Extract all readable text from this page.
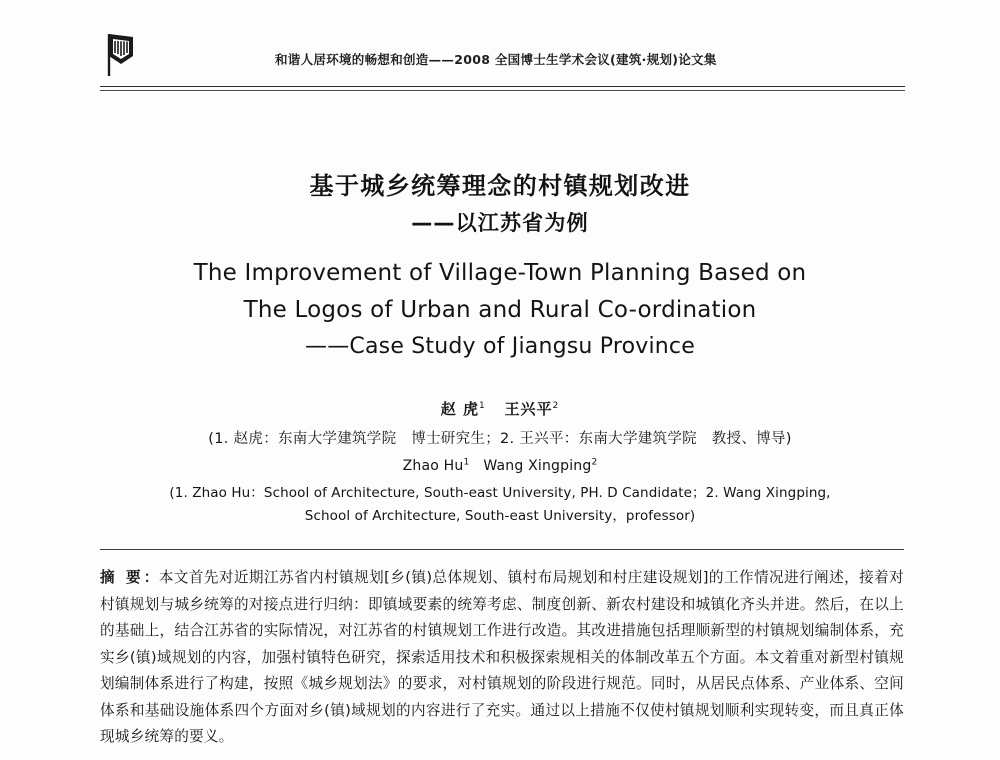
和谐人居环境的畅想和创造——2008 全国博士生学术会议(建筑·规划)论文集
基于城乡统筹理念的村镇规划改进
——以江苏省为例
The Improvement of Village-Town Planning Based on
The Logos of Urban and Rural Co-ordination
——Case Study of Jiangsu Province
赵 虎$^1$ 王兴平$^2$
(1. 赵虎：东南大学建筑学院　博士研究生；2. 王兴平：东南大学建筑学院　教授、博导)
Zhao Hu$^1$ Wang Xingping$^2$
(1. Zhao Hu：School of Architecture, South-east University, PH. D Candidate；2. Wang Xingping,
School of Architecture, South-east University，professor)
摘 要：本文首先对近期江苏省内村镇规划[乡(镇)总体规划、镇村布局规划和村庄建设规划]的工作情况进行阐述，接着对村镇规划与城乡统筹的对接点进行归纳：即镇域要素的统筹考虑、制度创新、新农村建设和城镇化齐头并进。然后，在以上的基础上，结合江苏省的实际情况，对江苏省的村镇规划工作进行改造。其改进措施包括理顺新型的村镇规划编制体系，充实乡(镇)域规划的内容，加强村镇特色研究，探索适用技术和积极探索规相关的体制改革五个方面。本文着重对新型村镇规划编制体系进行了构建，按照《城乡规划法》的要求，对村镇规划的阶段进行规范。同时，从居民点体系、产业体系、空间体系和基础设施体系四个方面对乡(镇)域规划的内容进行了充实。通过以上措施不仅使村镇规划顺利实现转变，而且真正体现城乡统筹的要义。
